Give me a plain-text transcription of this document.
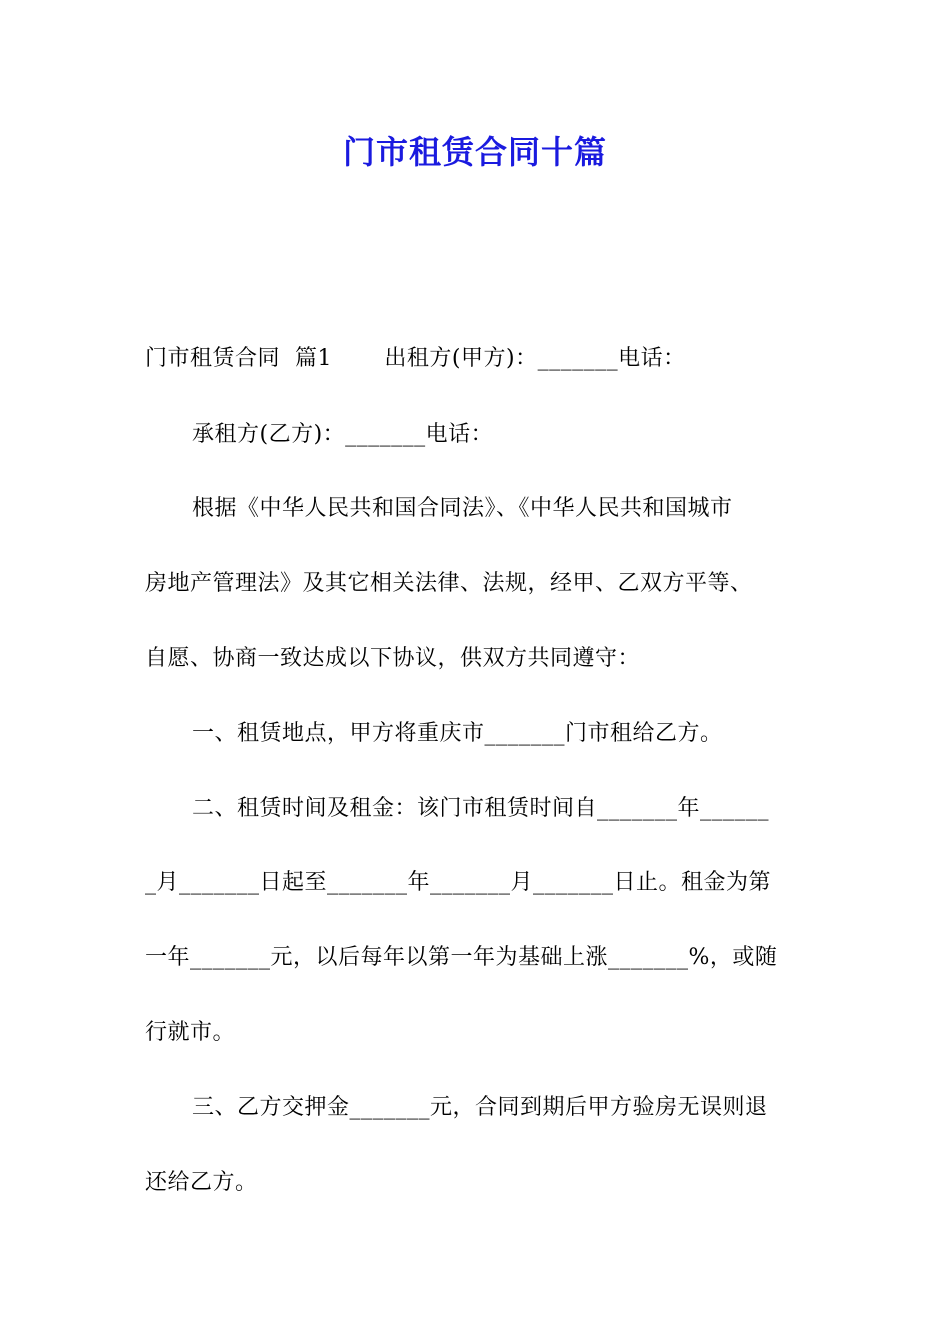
门市租赁合同十篇
门市租赁合同  篇1       出租方(甲方)：_______电话：
承租方(乙方)：_______电话：
根据《中华人民共和国合同法》、《中华人民共和国城市
房地产管理法》及其它相关法律、法规，经甲、乙双方平等、
自愿、协商一致达成以下协议，供双方共同遵守：
一、租赁地点，甲方将重庆市_______门市租给乙方。
二、租赁时间及租金：该门市租赁时间自_______年______
_月_______日起至_______年_______月_______日止。租金为第
一年_______元，以后每年以第一年为基础上涨_______%，或随
行就市。
三、乙方交押金_______元，合同到期后甲方验房无误则退
还给乙方。
